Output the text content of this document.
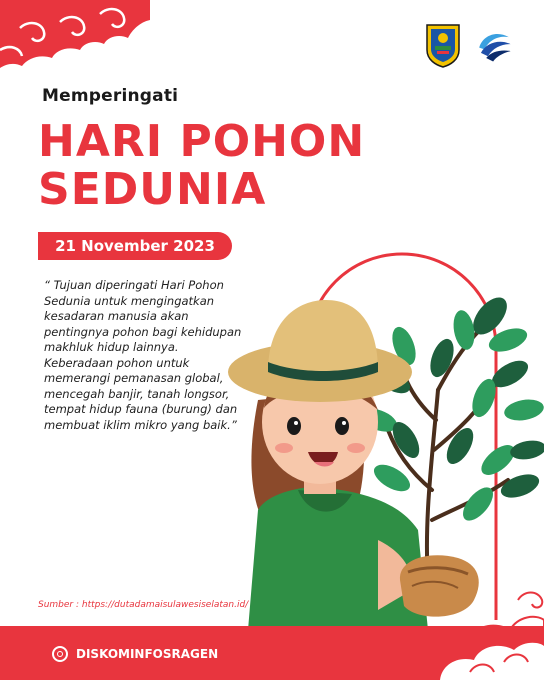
Memperingati
HARI POHON
SEDUNIA
21 November 2023
“ Tujuan diperingati Hari Pohon Sedunia untuk mengingatkan kesadaran manusia akan pentingnya pohon bagi kehidupan makhluk hidup lainnya. Keberadaan pohon untuk memerangi pemanasan global, mencegah banjir, tanah longsor, tempat hidup fauna (burung) dan membuat iklim mikro yang baik.”
Sumber : https://dutadamaisulawesiselatan.id/
DISKOMINFOSRAGEN
